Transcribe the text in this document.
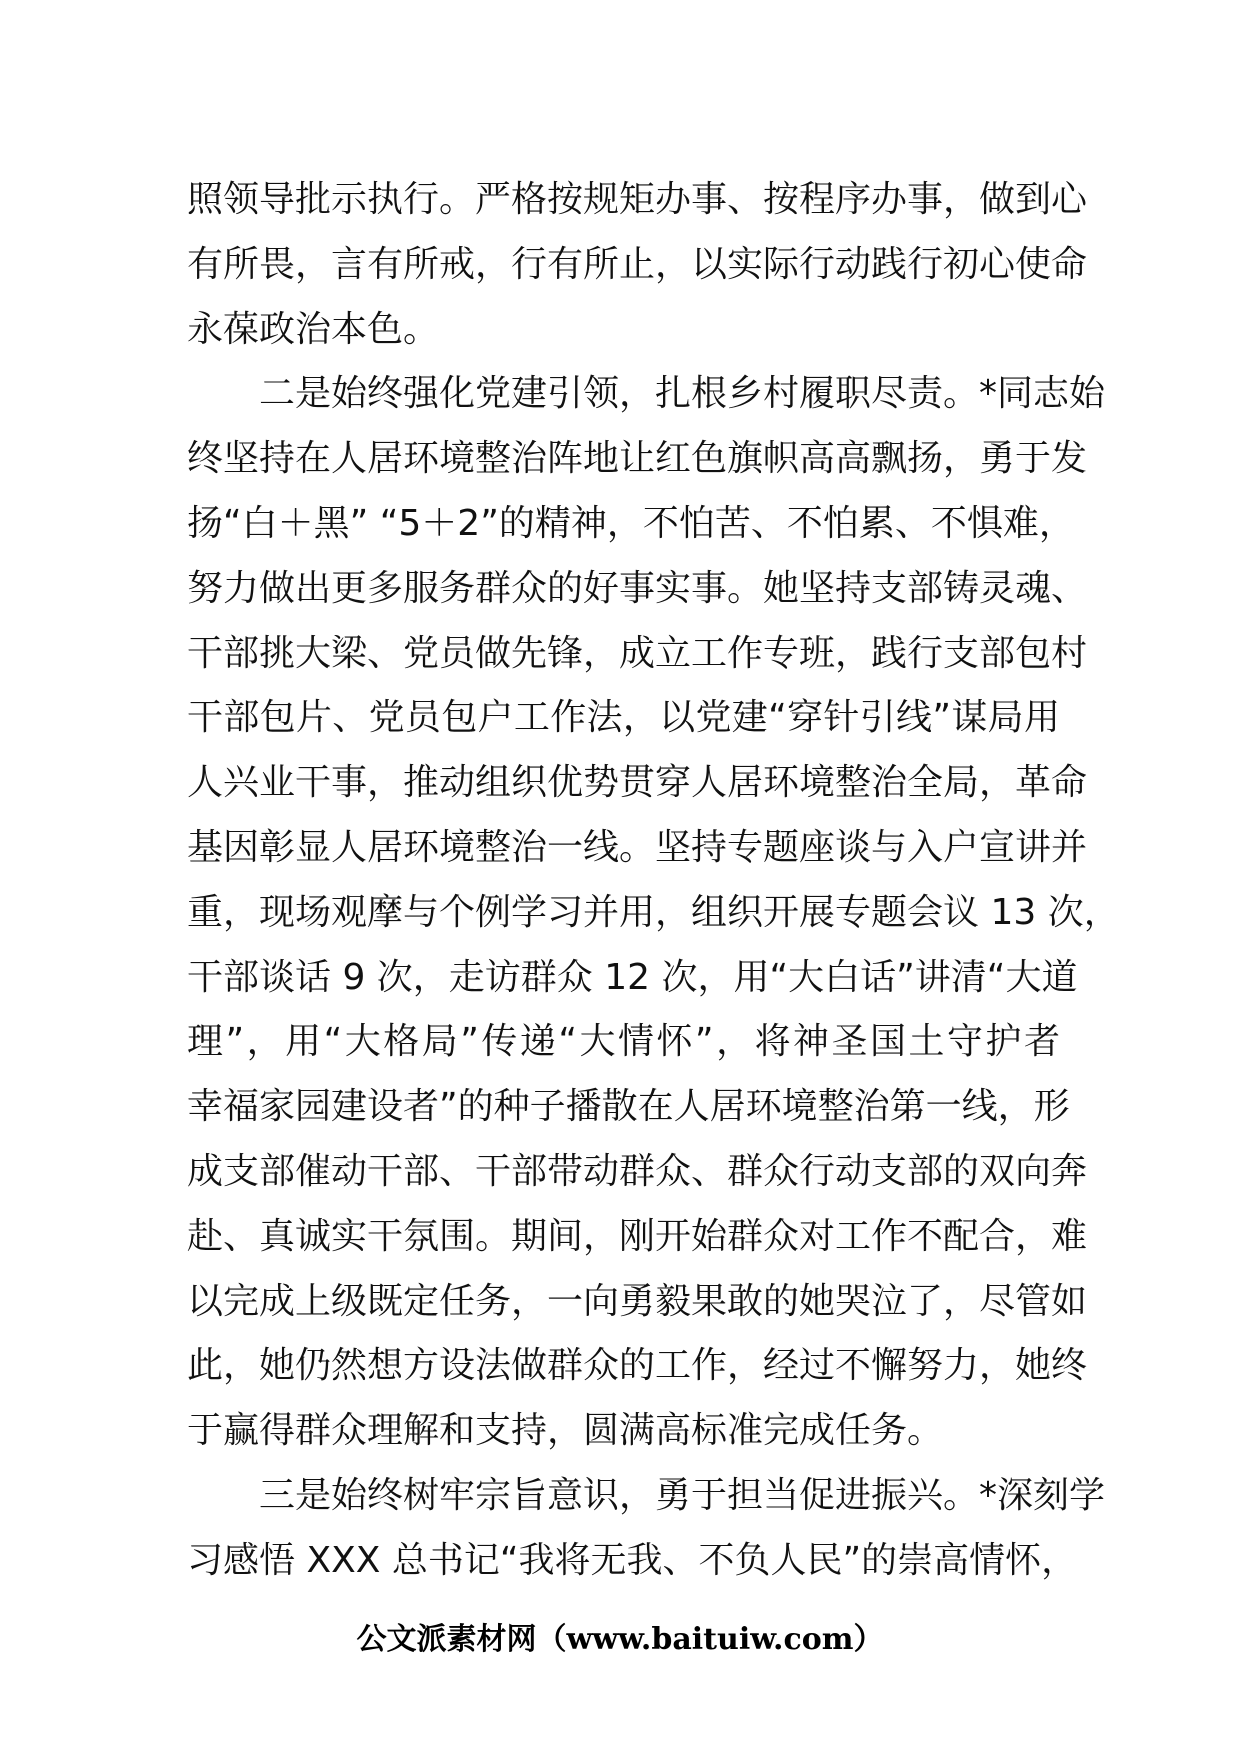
照领导批示执行。严格按规矩办事、按程序办事，做到心
有所畏，言有所戒，行有所止，以实际行动践行初心使命
永葆政治本色。
二是始终强化党建引领，扎根乡村履职尽责。*同志始
终坚持在人居环境整治阵地让红色旗帜高高飘扬，勇于发
扬“白＋黑” “5＋2”的精神，不怕苦、不怕累、不惧难，
努力做出更多服务群众的好事实事。她坚持支部铸灵魂、
干部挑大梁、党员做先锋，成立工作专班，践行支部包村
干部包片、党员包户工作法，以党建“穿针引线”谋局用
人兴业干事，推动组织优势贯穿人居环境整治全局，革命
基因彰显人居环境整治一线。坚持专题座谈与入户宣讲并
重，现场观摩与个例学习并用，组织开展专题会议 13 次，
干部谈话 9 次，走访群众 12 次，用“大白话”讲清“大道
理”，用“大格局”传递“大情怀”，将神圣国土守护者
幸福家园建设者”的种子播散在人居环境整治第一线，形
成支部催动干部、干部带动群众、群众行动支部的双向奔
赴、真诚实干氛围。期间，刚开始群众对工作不配合，难
以完成上级既定任务，一向勇毅果敢的她哭泣了，尽管如
此，她仍然想方设法做群众的工作，经过不懈努力，她终
于赢得群众理解和支持，圆满高标准完成任务。
三是始终树牢宗旨意识，勇于担当促进振兴。*深刻学
习感悟 XXX 总书记“我将无我、不负人民”的崇高情怀，
公文派素材网（www.baituiw.com）
